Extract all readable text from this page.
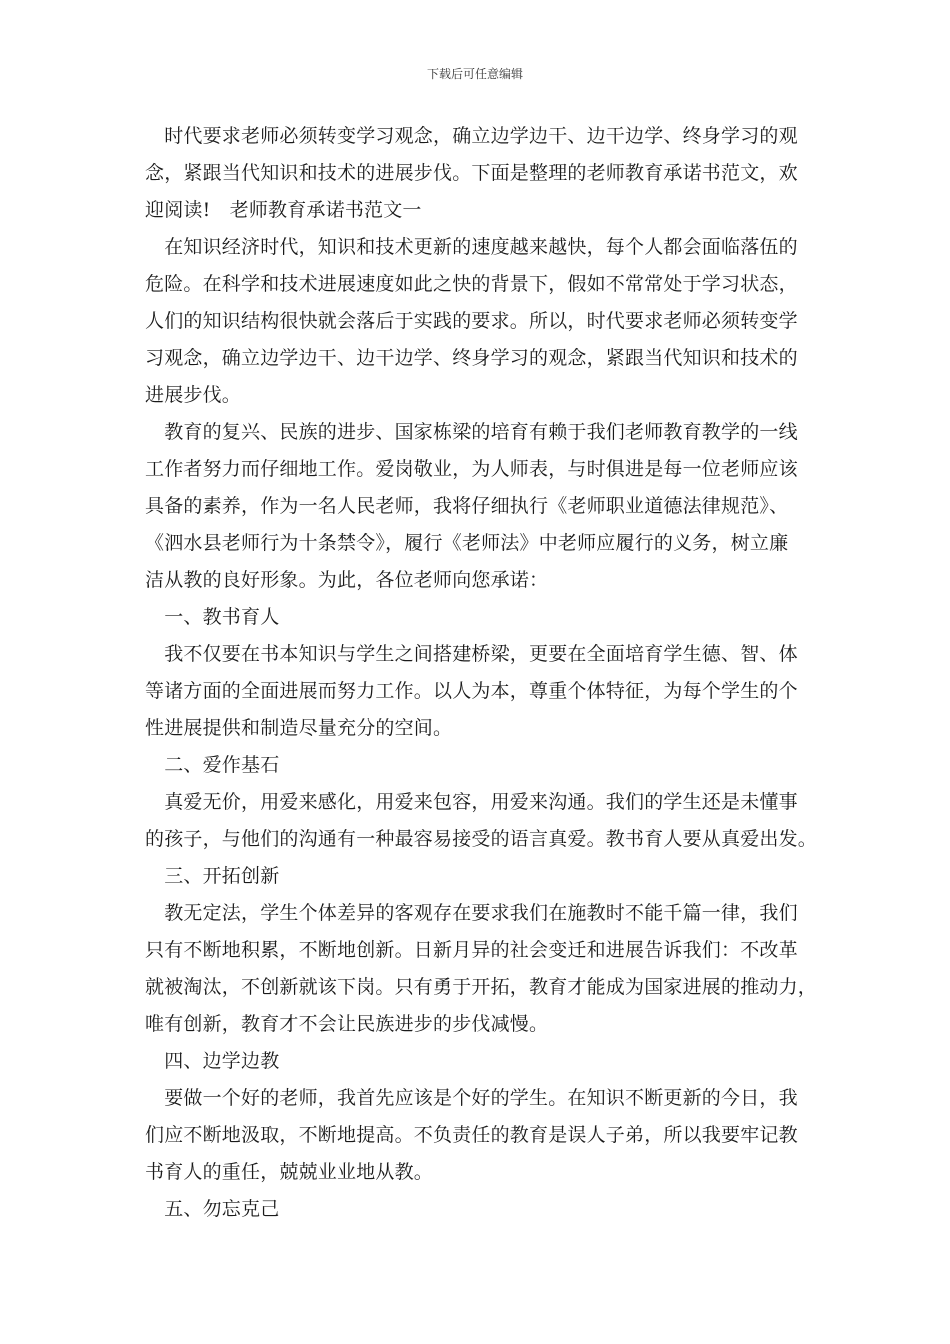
下载后可任意编辑
　时代要求老师必须转变学习观念，确立边学边干、边干边学、终身学习的观
念，紧跟当代知识和技术的进展步伐。下面是整理的老师教育承诺书范文，欢
迎阅读!　老师教育承诺书范文一
　在知识经济时代，知识和技术更新的速度越来越快，每个人都会面临落伍的
危险。在科学和技术进展速度如此之快的背景下，假如不常常处于学习状态，
人们的知识结构很快就会落后于实践的要求。所以，时代要求老师必须转变学
习观念，确立边学边干、边干边学、终身学习的观念，紧跟当代知识和技术的
进展步伐。
　教育的复兴、民族的进步、国家栋梁的培育有赖于我们老师教育教学的一线
工作者努力而仔细地工作。爱岗敬业，为人师表，与时俱进是每一位老师应该
具备的素养，作为一名人民老师，我将仔细执行《老师职业道德法律规范》、
《泗水县老师行为十条禁令》，履行《老师法》中老师应履行的义务，树立廉
洁从教的良好形象。为此，各位老师向您承诺：
　一、教书育人
　我不仅要在书本知识与学生之间搭建桥梁，更要在全面培育学生德、智、体
等诸方面的全面进展而努力工作。以人为本，尊重个体特征，为每个学生的个
性进展提供和制造尽量充分的空间。
　二、爱作基石
　真爱无价，用爱来感化，用爱来包容，用爱来沟通。我们的学生还是未懂事
的孩子，与他们的沟通有一种最容易接受的语言真爱。教书育人要从真爱出发。
　三、开拓创新
　教无定法，学生个体差异的客观存在要求我们在施教时不能千篇一律，我们
只有不断地积累，不断地创新。日新月异的社会变迁和进展告诉我们：不改革
就被淘汰，不创新就该下岗。只有勇于开拓，教育才能成为国家进展的推动力，
唯有创新，教育才不会让民族进步的步伐减慢。
　四、边学边教
　要做一个好的老师，我首先应该是个好的学生。在知识不断更新的今日，我
们应不断地汲取，不断地提高。不负责任的教育是误人子弟，所以我要牢记教
书育人的重任，兢兢业业地从教。
　五、勿忘克己
